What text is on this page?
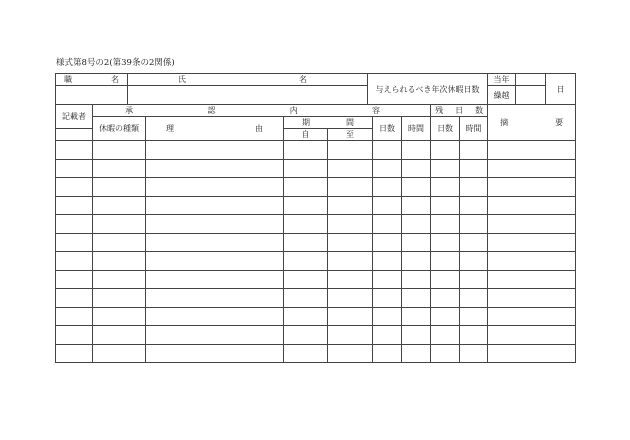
様式第8号の2(第39条の2関係)
職 名	氏 名	与えられるべき年次休暇日数	当年		日

			繰越		
記載者	承 認 内 容						残 日 数		摘 要

	休暇の種類	理 由	期 間		日数	時間	日数	時間	
			自	至					
